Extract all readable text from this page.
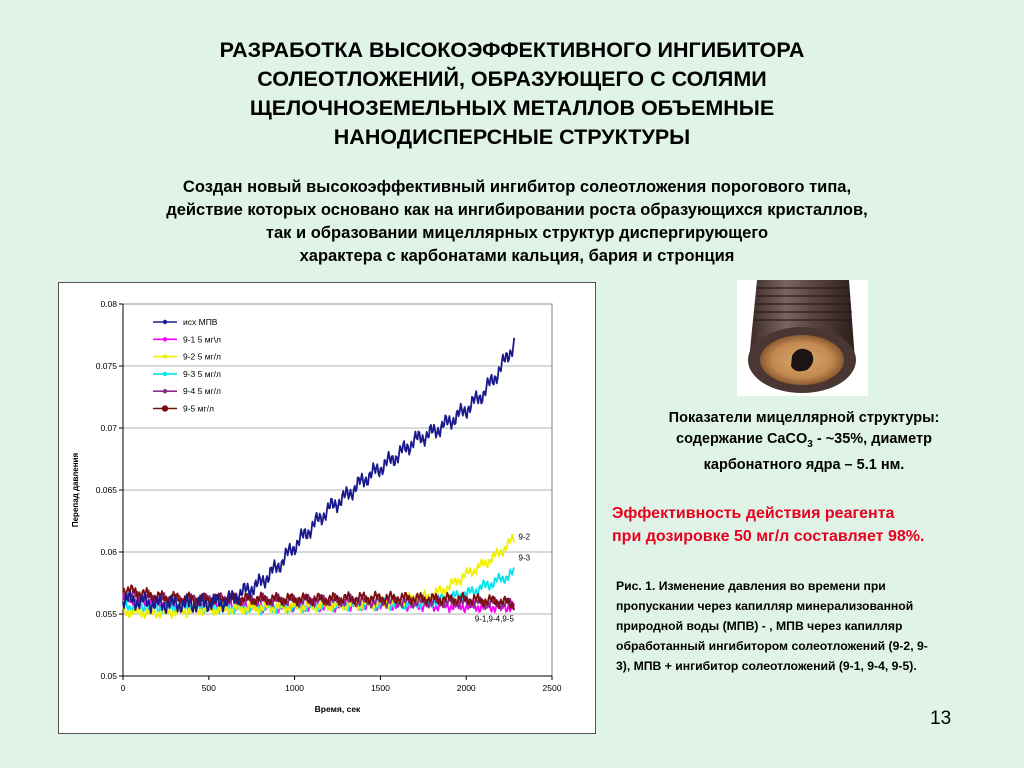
РАЗРАБОТКА ВЫСОКОЭФФЕКТИВНОГО ИНГИБИТОРА
СОЛЕОТЛОЖЕНИЙ, ОБРАЗУЮЩЕГО С СОЛЯМИ
ЩЕЛОЧНОЗЕМЕЛЬНЫХ МЕТАЛЛОВ ОБЪЕМНЫЕ
НАНОДИСПЕРСНЫЕ СТРУКТУРЫ
Создан новый высокоэффективный ингибитор солеотложения порогового типа,
действие которых основано как на ингибировании роста образующихся кристаллов,
так и образовании мицеллярных структур диспергирующего
характера с карбонатами кальция, бария и стронция
0.05
0.055
0.06
0.065
0.07
0.075
0.08
0	500	1000	1500	2000	2500
Время, сек
Перепад давления
исх МПВ
9-1 5 мг\л
9-2 5 мг/л
9-3 5 мг/л
9-4 5 мг/л
9-5 мг/л
9-2
9-3
9-1,9-4,9-5
Показатели мицеллярной структуры:
содержание CaCO$_3$ - ~35%, диаметр
карбонатного ядра – 5.1 нм.
Эффективность действия реагента
при дозировке 50 мг/л составляет 98%.
Рис. 1. Изменение давления во времени при
пропускании через капилляр минерализованной
природной воды (МПВ) - , МПВ через капилляр
обработанный ингибитором солеотложений (9-2, 9-
3), МПВ + ингибитор солеотложений (9-1, 9-4, 9-5).
13
